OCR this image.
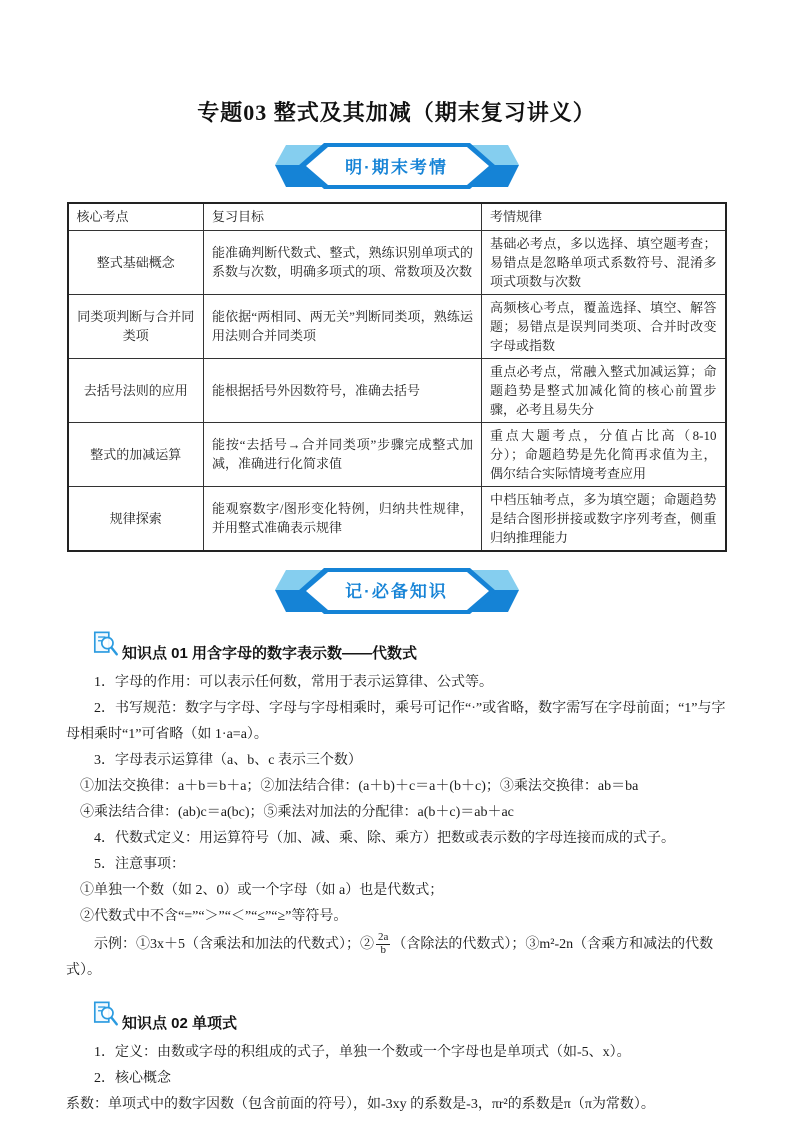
专题03 整式及其加减（期末复习讲义）
明·期末考情
核心考点	复习目标	考情规律
整式基础概念	能准确判断代数式、整式，熟练识别单项式的系数与次数，明确多项式的项、常数项及次数	基础必考点，多以选择、填空题考查；易错点是忽略单项式系数符号、混淆多项式项数与次数
同类项判断与合并同类项	能依据“两相同、两无关”判断同类项，熟练运用法则合并同类项	高频核心考点，覆盖选择、填空、解答题；易错点是误判同类项、合并时改变字母或指数
去括号法则的应用	能根据括号外因数符号，准确去括号	重点必考点，常融入整式加减运算；命题趋势是整式加减化简的核心前置步骤，必考且易失分
整式的加减运算	能按“去括号→合并同类项”步骤完成整式加减，准确进行化简求值	重点大题考点，分值占比高（8-10 分）；命题趋势是先化简再求值为主，偶尔结合实际情境考查应用
规律探索	能观察数字/图形变化特例，归纳共性规律，并用整式准确表示规律	中档压轴考点，多为填空题；命题趋势是结合图形拼接或数字序列考查，侧重归纳推理能力
记·必备知识
知识点 01 用含字母的数字表示数——代数式

1．字母的作用：可以表示任何数，常用于表示运算律、公式等。

2．书写规范：数字与字母、字母与字母相乘时，乘号可记作“·”或省略，数字需写在字母前面；“1”与字母相乘时“1”可省略（如 1·a=a）。

3．字母表示运算律（a、b、c 表示三个数）

①加法交换律：a＋b＝b＋a；②加法结合律：(a＋b)＋c＝a＋(b＋c)；③乘法交换律：ab＝ba

④乘法结合律：(ab)c＝a(bc)；⑤乘法对加法的分配律：a(b＋c)＝ab＋ac

4．代数式定义：用运算符号（加、减、乘、除、乘方）把数或表示数的字母连接而成的式子。

5．注意事项：

①单独一个数（如 2、0）或一个字母（如 a）也是代数式；

②代数式中不含“=”“＞”“＜”“≤”“≥”等符号。

示例：①3x＋5（含乘法和加法的代数式）；② $\frac{2a}{b}$ （含除法的代数式）；③m²-2n（含乘方和减法的代数式）。

知识点 02 单项式

1．定义：由数或字母的积组成的式子，单独一个数或一个字母也是单项式（如-5、x）。

2．核心概念

系数：单项式中的数字因数（包含前面的符号），如-3xy 的系数是-3，πr²的系数是π（π为常数）。
